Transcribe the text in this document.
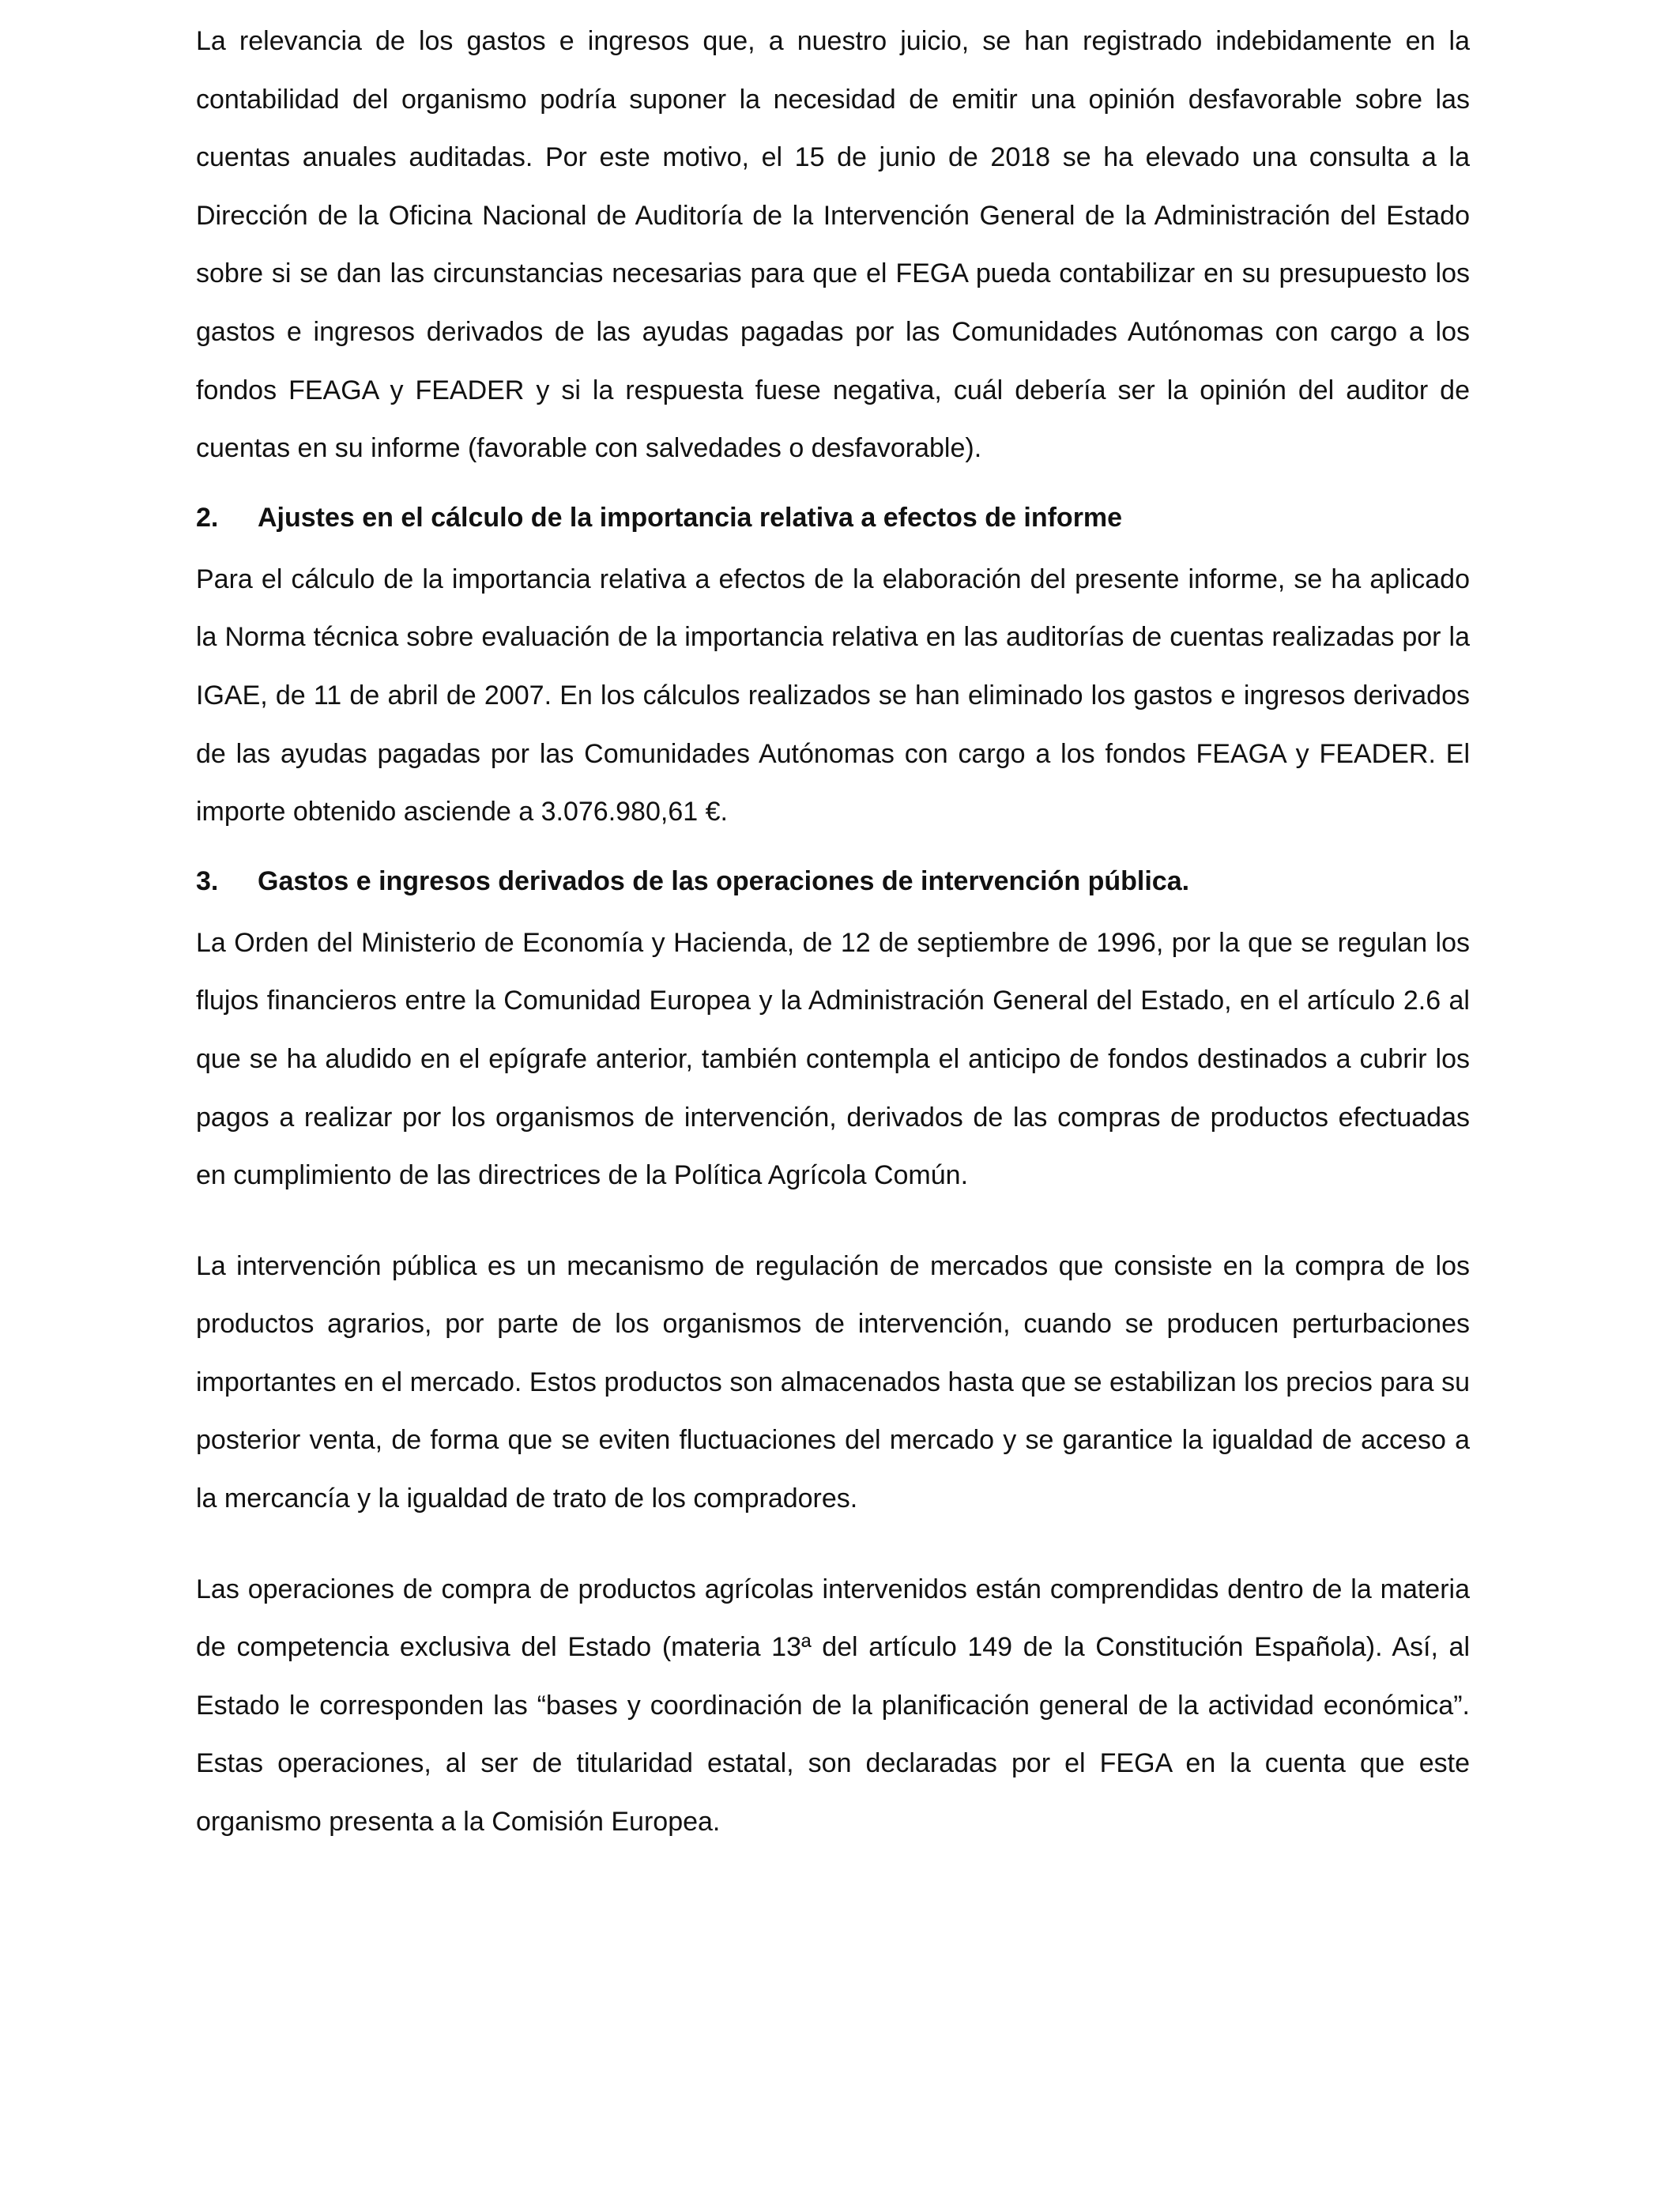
La relevancia de los gastos e ingresos que, a nuestro juicio, se han registrado indebidamente en la contabilidad del organismo podría suponer la necesidad de emitir una opinión desfavorable sobre las cuentas anuales auditadas. Por este motivo, el 15 de junio de 2018 se ha elevado una consulta a la Dirección de la Oficina Nacional de Auditoría de la Intervención General de la Administración del Estado sobre si se dan las circunstancias necesarias para que el FEGA pueda contabilizar en su presupuesto los gastos e ingresos derivados de las ayudas pagadas por las Comunidades Autónomas con cargo a los fondos FEAGA y FEADER y si la respuesta fuese negativa, cuál debería ser la opinión del auditor de cuentas en su informe (favorable con salvedades o desfavorable).

2.	Ajustes en el cálculo de la importancia relativa a efectos de informe

Para el cálculo de la importancia relativa a efectos de la elaboración del presente informe, se ha aplicado la Norma técnica sobre evaluación de la importancia relativa en las auditorías de cuentas realizadas por la IGAE, de 11 de abril de 2007. En los cálculos realizados se han eliminado los gastos e ingresos derivados de las ayudas pagadas por las Comunidades Autónomas con cargo a los fondos FEAGA y FEADER. El importe obtenido asciende a 3.076.980,61 €.

3.	Gastos e ingresos derivados de las operaciones de intervención pública.

La Orden del Ministerio de Economía y Hacienda, de 12 de septiembre de 1996, por la que se regulan los flujos financieros entre la Comunidad Europea y la Administración General del Estado, en el artículo 2.6 al que se ha aludido en el epígrafe anterior, también contempla el anticipo de fondos destinados a cubrir los pagos a realizar por los organismos de intervención, derivados de las compras de productos efectuadas en cumplimiento de las directrices de la Política Agrícola Común.

La intervención pública es un mecanismo de regulación de mercados que consiste en la compra de los productos agrarios, por parte de los organismos de intervención, cuando se producen perturbaciones importantes en el mercado. Estos productos son almacenados hasta que se estabilizan los precios para su posterior venta, de forma que se eviten fluctuaciones del mercado y se garantice la igualdad de acceso a la mercancía y la igualdad de trato de los compradores.

Las operaciones de compra de productos agrícolas intervenidos están comprendidas dentro de la materia de competencia exclusiva del Estado (materia 13ª del artículo 149 de la Constitución Española). Así, al Estado le corresponden las “bases y coordinación de la planificación general de la actividad económica”. Estas operaciones, al ser de titularidad estatal, son declaradas por el FEGA en la cuenta que este organismo presenta a la Comisión Europea.
